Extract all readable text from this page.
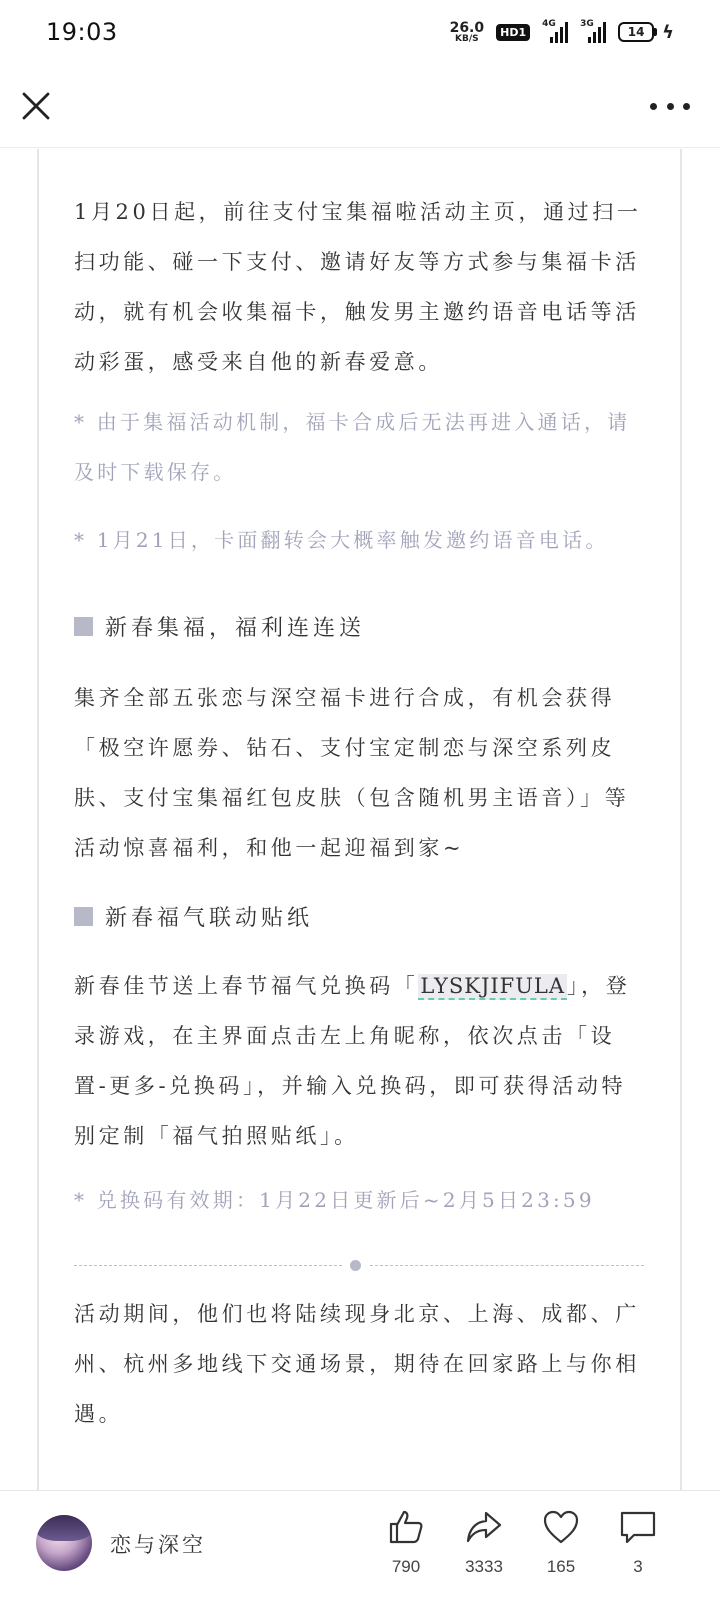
19:03	26.0
KB/S	HD1
4G	3G
14 ϟ

1月20日起，前往支付宝集福啦活动主页，通过扫一扫功能、碰一下支付、邀请好友等方式参与集福卡活动，就有机会收集福卡，触发男主邀约语音电话等活动彩蛋，感受来自他的新春爱意。

* 由于集福活动机制，福卡合成后无法再进入通话，请及时下载保存。

* 1月21日，卡面翻转会大概率触发邀约语音电话。

新春集福，福利连连送

集齐全部五张恋与深空福卡进行合成，有机会获得「极空许愿券、钻石、支付宝定制恋与深空系列皮肤、支付宝集福红包皮肤（包含随机男主语音）」等活动惊喜福利，和他一起迎福到家~

新春福气联动贴纸

新春佳节送上春节福气兑换码「LYSKJIFULA」，登录游戏，在主界面点击左上角昵称，依次点击「设置-更多-兑换码」，并输入兑换码，即可获得活动特别定制「福气拍照贴纸」。

* 兑换码有效期：1月22日更新后~2月5日23:59

活动期间，他们也将陆续现身北京、上海、成都、广州、杭州多地线下交通场景，期待在回家路上与你相遇。

恋与深空
790	3333	165	3
